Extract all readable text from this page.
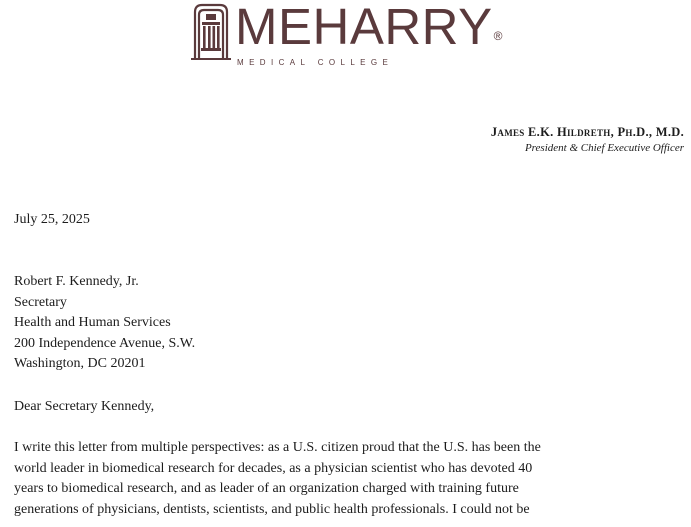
MEHARRY®
MEDICAL COLLEGE
James E.K. Hildreth, Ph.D., M.D.
President & Chief Executive Officer
July 25, 2025
Robert F. Kennedy, Jr.
Secretary
Health and Human Services
200 Independence Avenue, S.W.
Washington, DC 20201
Dear Secretary Kennedy,
I write this letter from multiple perspectives: as a U.S. citizen proud that the U.S. has been the
world leader in biomedical research for decades, as a physician scientist who has devoted 40
years to biomedical research, and as leader of an organization charged with training future
generations of physicians, dentists, scientists, and public health professionals. I could not be
